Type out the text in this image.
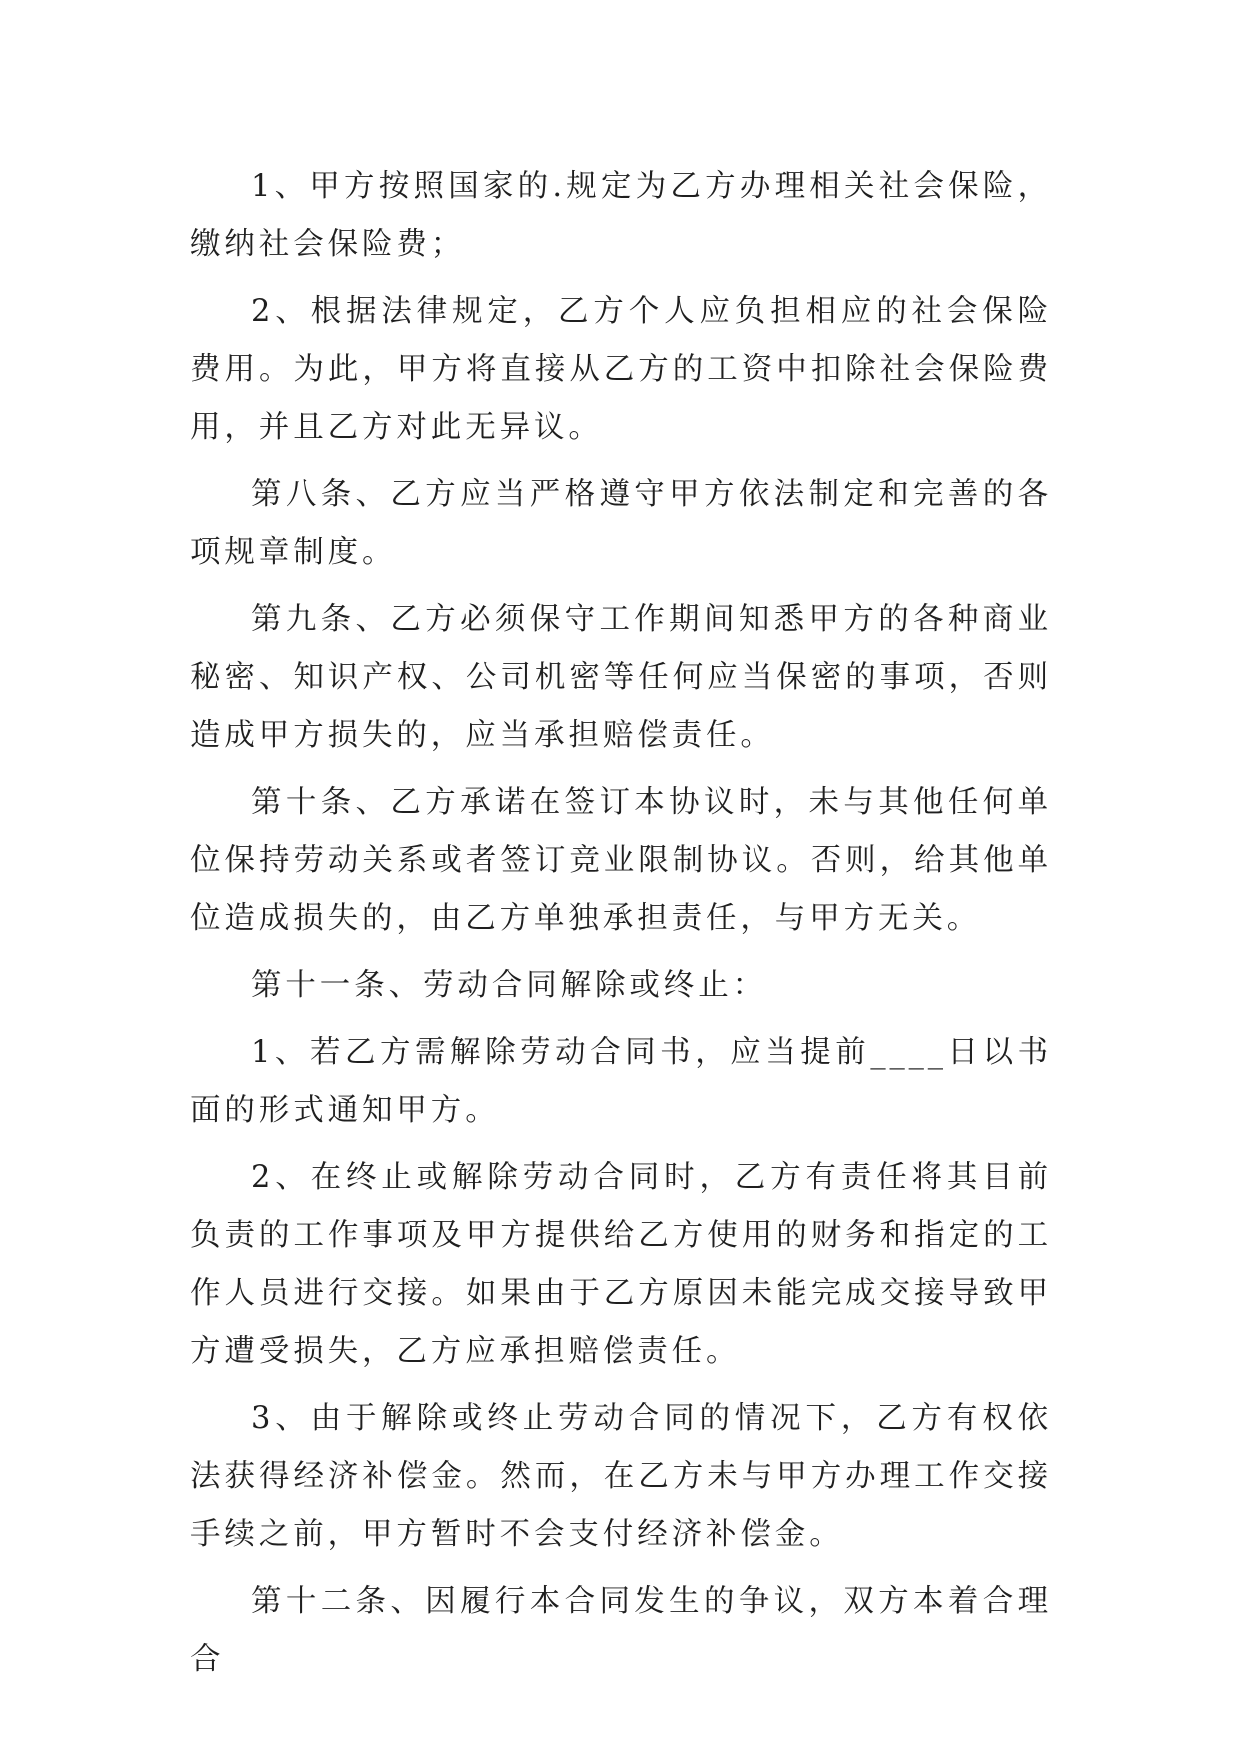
1、甲方按照国家的.规定为乙方办理相关社会保险，缴纳社会保险费；

2、根据法律规定，乙方个人应负担相应的社会保险费用。为此，甲方将直接从乙方的工资中扣除社会保险费用，并且乙方对此无异议。

第八条、乙方应当严格遵守甲方依法制定和完善的各项规章制度。

第九条、乙方必须保守工作期间知悉甲方的各种商业秘密、知识产权、公司机密等任何应当保密的事项，否则造成甲方损失的，应当承担赔偿责任。

第十条、乙方承诺在签订本协议时，未与其他任何单位保持劳动关系或者签订竞业限制协议。否则，给其他单位造成损失的，由乙方单独承担责任，与甲方无关。

第十一条、劳动合同解除或终止：

1、若乙方需解除劳动合同书，应当提前____日以书面的形式通知甲方。

2、在终止或解除劳动合同时，乙方有责任将其目前负责的工作事项及甲方提供给乙方使用的财务和指定的工作人员进行交接。如果由于乙方原因未能完成交接导致甲方遭受损失，乙方应承担赔偿责任。

3、由于解除或终止劳动合同的情况下，乙方有权依法获得经济补偿金。然而，在乙方未与甲方办理工作交接手续之前，甲方暂时不会支付经济补偿金。

第十二条、因履行本合同发生的争议，双方本着合理合
